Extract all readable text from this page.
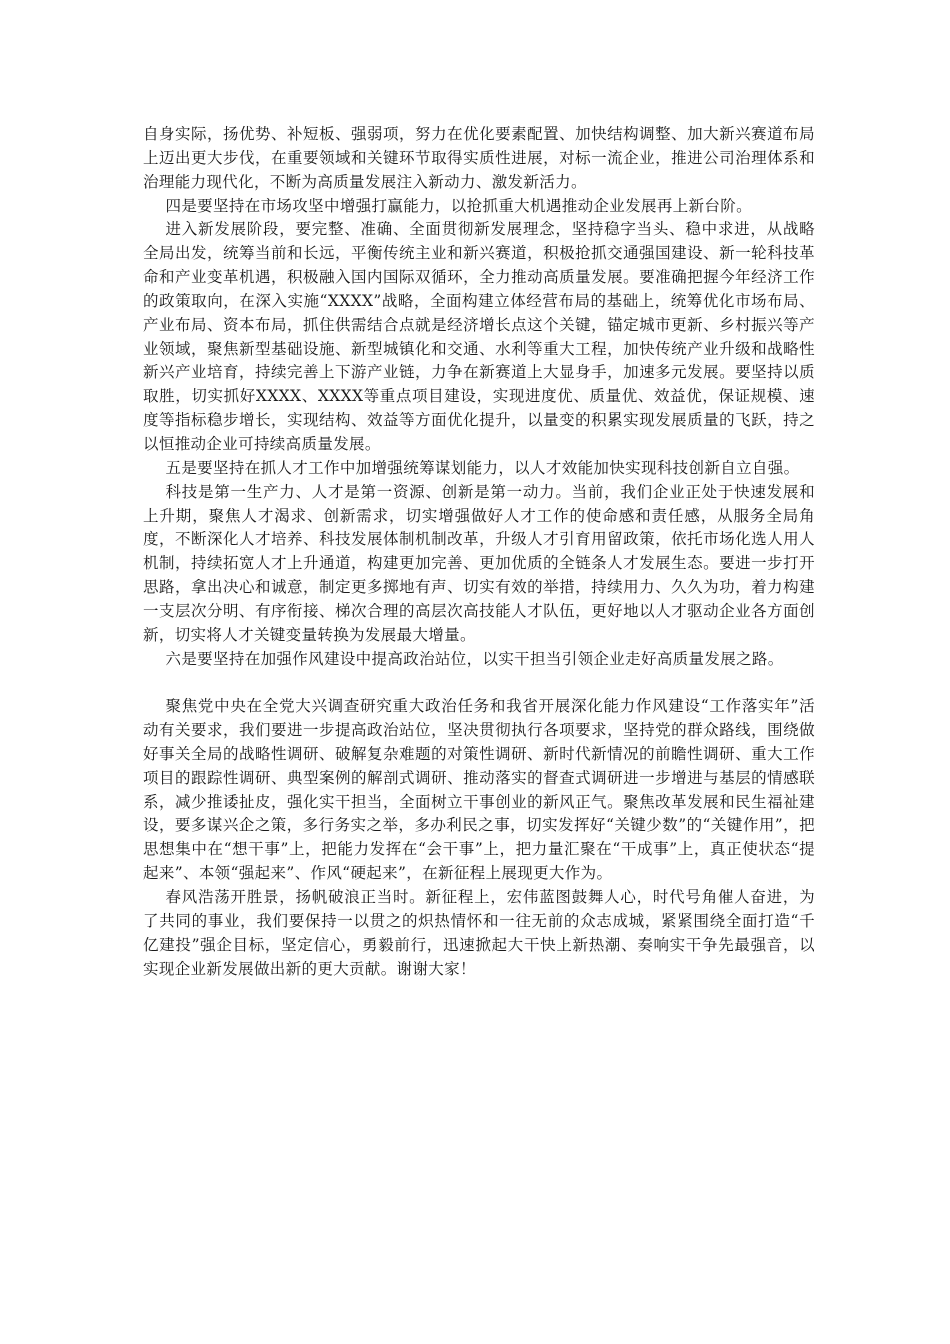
自身实际，扬优势、补短板、强弱项，努力在优化要素配置、加快结构调整、加大新兴赛道布局上迈出更大步伐，在重要领域和关键环节取得实质性进展，对标一流企业，推进公司治理体系和治理能力现代化，不断为高质量发展注入新动力、激发新活力。

四是要坚持在市场攻坚中增强打赢能力，以抢抓重大机遇推动企业发展再上新台阶。

进入新发展阶段，要完整、准确、全面贯彻新发展理念，坚持稳字当头、稳中求进，从战略全局出发，统筹当前和长远，平衡传统主业和新兴赛道，积极抢抓交通强国建设、新一轮科技革命和产业变革机遇，积极融入国内国际双循环，全力推动高质量发展。要准确把握今年经济工作的政策取向，在深入实施“XXXX”战略，全面构建立体经营布局的基础上，统筹优化市场布局、产业布局、资本布局，抓住供需结合点就是经济增长点这个关键，锚定城市更新、乡村振兴等产业领域，聚焦新型基础设施、新型城镇化和交通、水利等重大工程，加快传统产业升级和战略性新兴产业培育，持续完善上下游产业链，力争在新赛道上大显身手，加速多元发展。要坚持以质取胜，切实抓好XXXX、XXXX等重点项目建设，实现进度优、质量优、效益优，保证规模、速度等指标稳步增长，实现结构、效益等方面优化提升，以量变的积累实现发展质量的飞跃，持之以恒推动企业可持续高质量发展。

五是要坚持在抓人才工作中加增强统筹谋划能力，以人才效能加快实现科技创新自立自强。

科技是第一生产力、人才是第一资源、创新是第一动力。当前，我们企业正处于快速发展和上升期，聚焦人才渴求、创新需求，切实增强做好人才工作的使命感和责任感，从服务全局角度，不断深化人才培养、科技发展体制机制改革，升级人才引育用留政策，依托市场化选人用人机制，持续拓宽人才上升通道，构建更加完善、更加优质的全链条人才发展生态。要进一步打开思路，拿出决心和诚意，制定更多掷地有声、切实有效的举措，持续用力、久久为功，着力构建一支层次分明、有序衔接、梯次合理的高层次高技能人才队伍，更好地以人才驱动企业各方面创新，切实将人才关键变量转换为发展最大增量。

六是要坚持在加强作风建设中提高政治站位，以实干担当引领企业走好高质量发展之路。

聚焦党中央在全党大兴调查研究重大政治任务和我省开展深化能力作风建设“工作落实年”活动有关要求，我们要进一步提高政治站位，坚决贯彻执行各项要求，坚持党的群众路线，围绕做好事关全局的战略性调研、破解复杂难题的对策性调研、新时代新情况的前瞻性调研、重大工作项目的跟踪性调研、典型案例的解剖式调研、推动落实的督查式调研进一步增进与基层的情感联系，减少推诿扯皮，强化实干担当，全面树立干事创业的新风正气。聚焦改革发展和民生福祉建设，要多谋兴企之策，多行务实之举，多办利民之事，切实发挥好“关键少数”的“关键作用”，把思想集中在“想干事”上，把能力发挥在“会干事”上，把力量汇聚在“干成事”上，真正使状态“提起来”、本领“强起来”、作风“硬起来”，在新征程上展现更大作为。

春风浩荡开胜景，扬帆破浪正当时。新征程上，宏伟蓝图鼓舞人心，时代号角催人奋进，为了共同的事业，我们要保持一以贯之的炽热情怀和一往无前的众志成城，紧紧围绕全面打造“千亿建投”强企目标，坚定信心，勇毅前行，迅速掀起大干快上新热潮、奏响实干争先最强音，以实现企业新发展做出新的更大贡献。谢谢大家！
